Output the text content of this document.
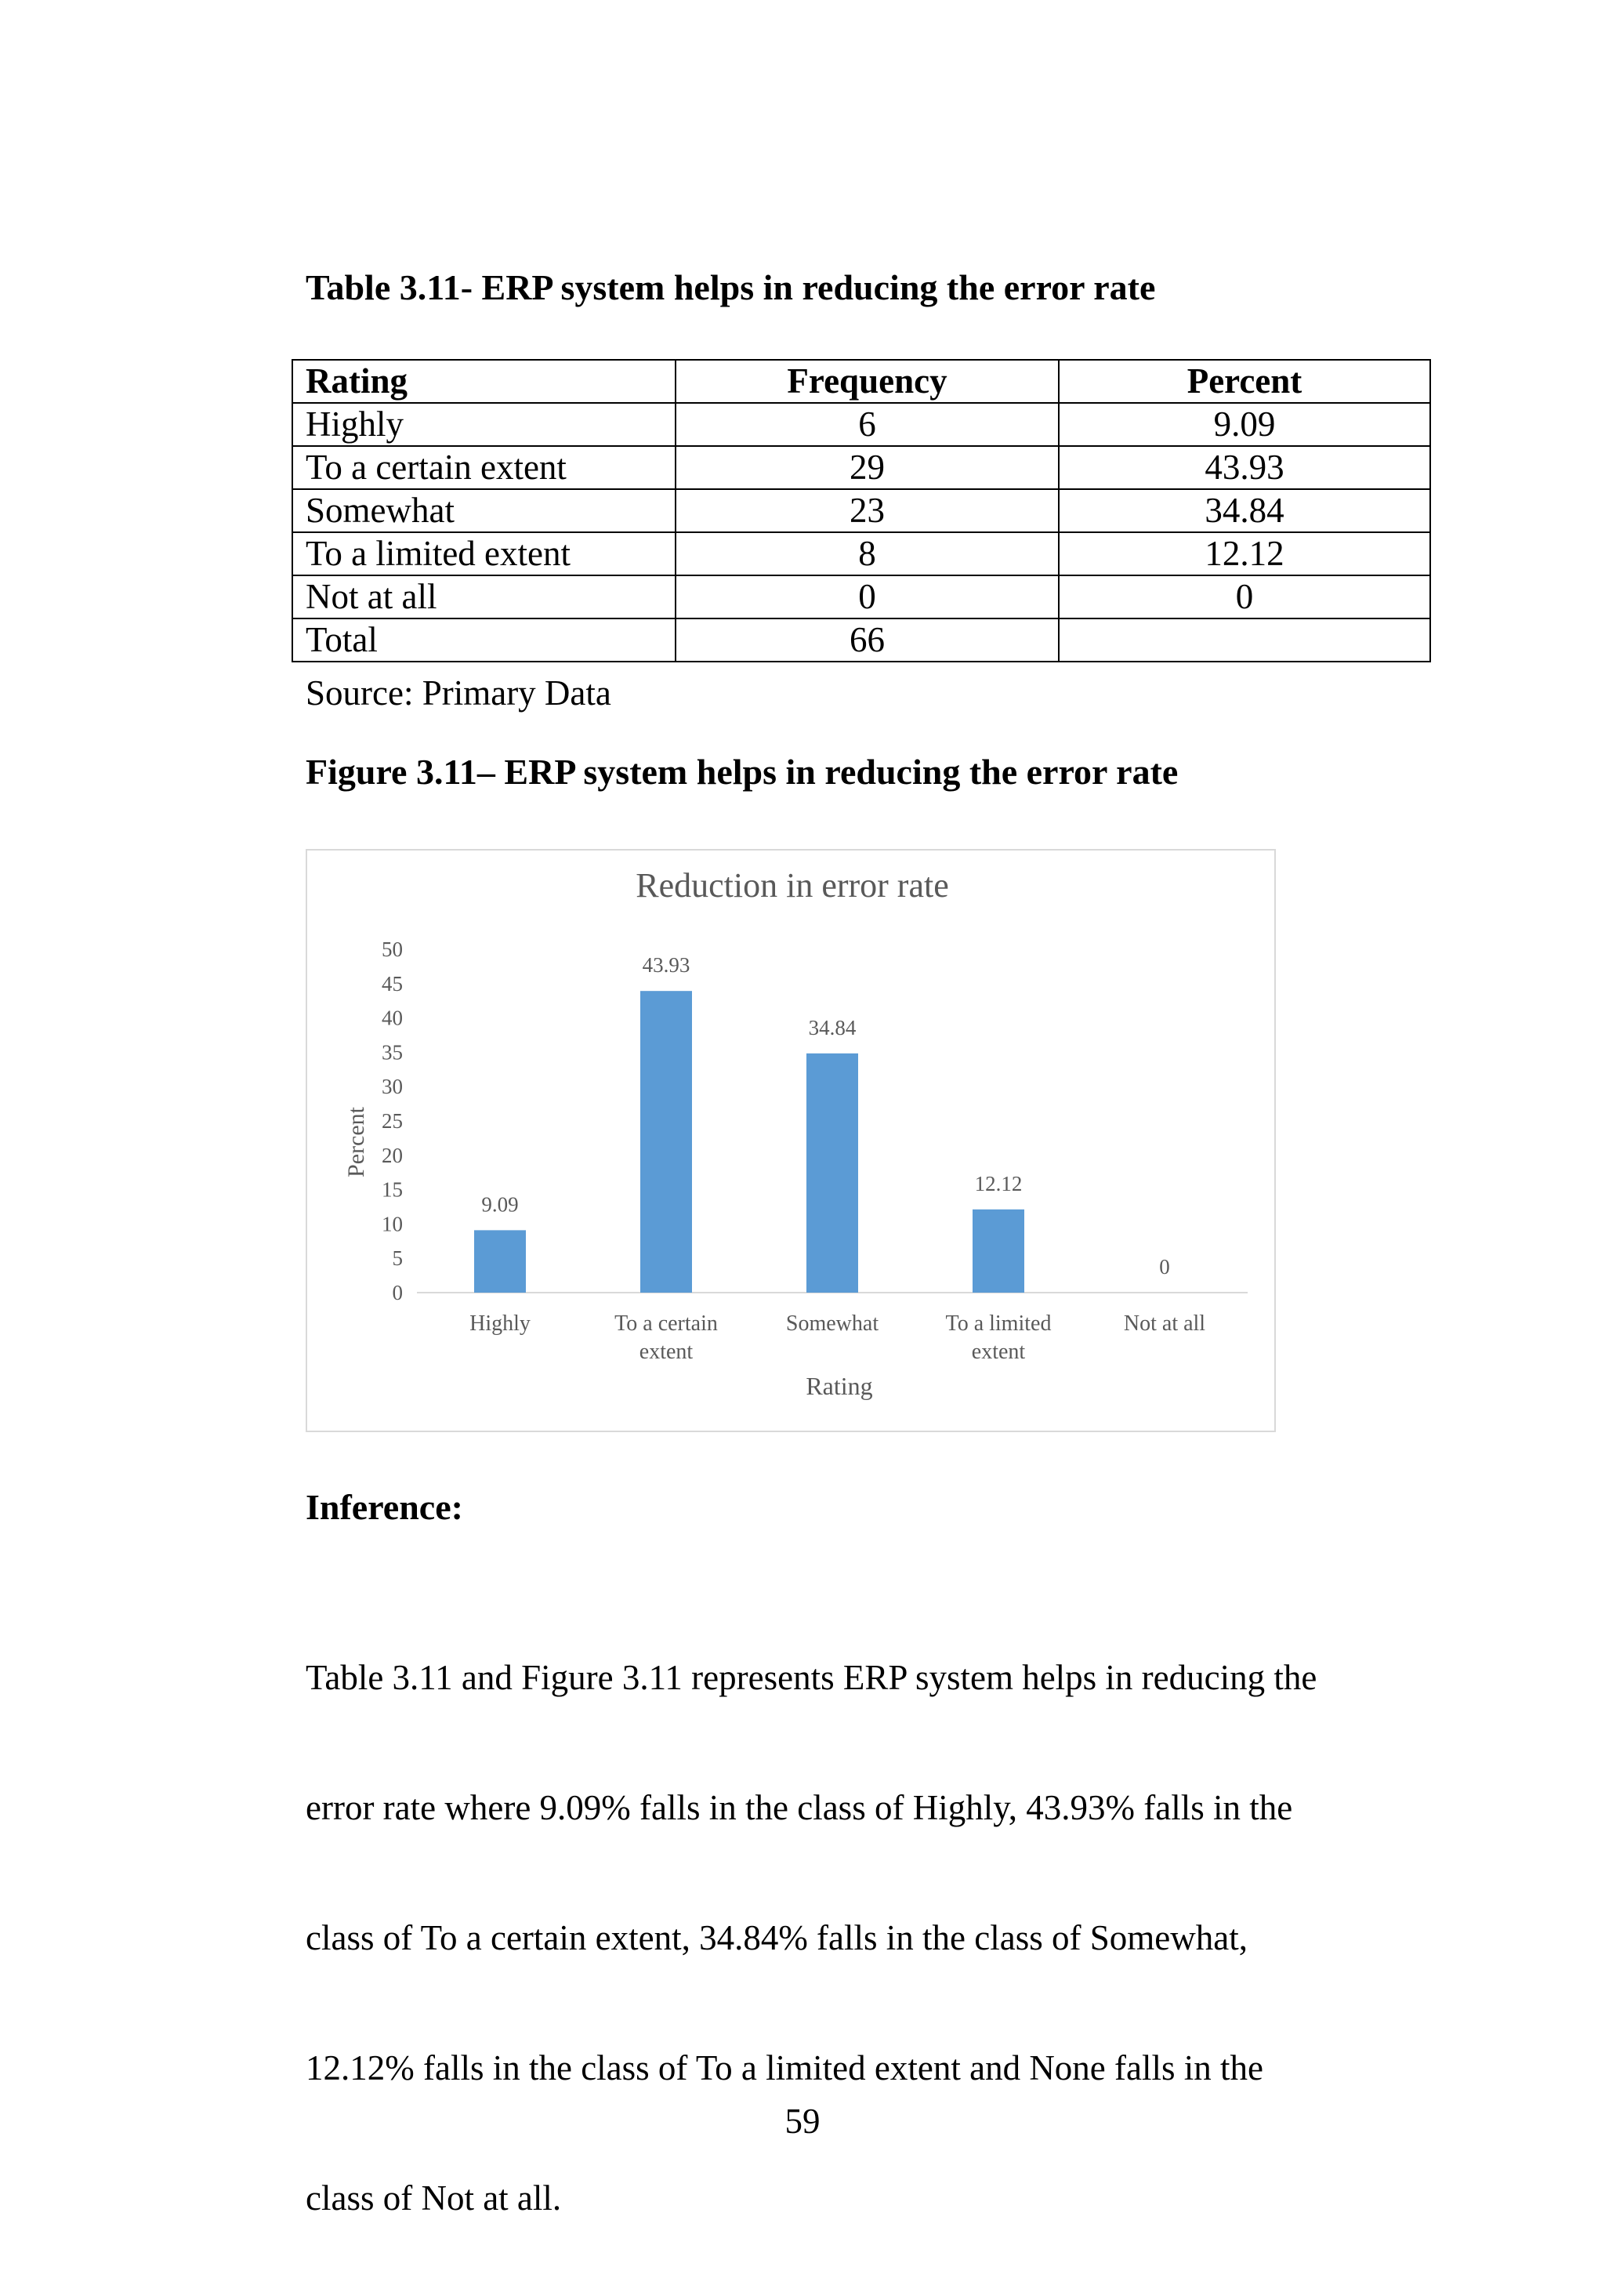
Table 3.11- ERP system helps in reducing the error rate
Rating	Frequency	Percent
Highly	6	9.09
To a certain extent	29	43.93
Somewhat	23	34.84
To a limited extent	8	12.12
Not at all	0	0
Total	66	
Source: Primary Data
Figure 3.11– ERP system helps in reducing the error rate
Reduction in error rate
0
5
10
15
20
25
30
35
40
45
50
Percent
9.09
Highly
43.93
To a certain
extent
34.84
Somewhat
12.12
To a limited
extent
0
Not at all
Rating
Inference:

Table 3.11 and Figure 3.11 represents ERP system helps in reducing the

error rate where 9.09% falls in the class of Highly, 43.93% falls in the

class of To a certain extent, 34.84% falls in the class of Somewhat,

12.12% falls in the class of To a limited extent and None falls in the

class of Not at all.

59
